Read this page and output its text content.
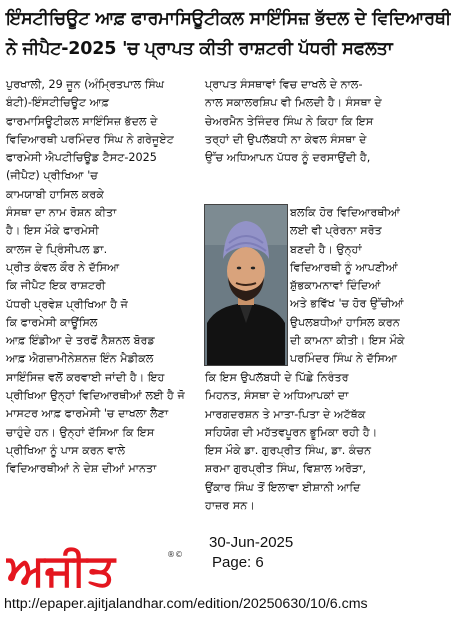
ਇੰਸਟੀਚਿਊਟ ਆਫ਼ ਫਾਰਮਾਸਿਊਟੀਕਲ ਸਾਇੰਸਿਜ਼ ਭੱਦਲ ਦੇ ਵਿਦਿਆਰਥੀ
ਨੇ ਜੀਪੈਟ-2025 'ਚ ਪ੍ਰਾਪਤ ਕੀਤੀ ਰਾਸ਼ਟਰੀ ਪੱਧਰੀ ਸਫਲਤਾ
ਪੁਰਖਾਲੀ, 29 ਜੂਨ (ਅੰਮ੍ਰਿਤਪਾਲ ਸਿੰਘ
ਬੰਟੀ)-ਇੰਸਟੀਚਿਊਟ ਆਫ਼
ਫਾਰਮਾਸਿਊਟੀਕਲ ਸਾਇੰਸਿਜ਼ ਭੱਦਲ ਦੇ
ਵਿਦਿਆਰਥੀ ਪਰਮਿੰਦਰ ਸਿੰਘ ਨੇ ਗਰੇਜੂਏਟ
ਫਾਰਮੇਸੀ ਐਪਟੀਚਿਊਡ ਟੈਸਟ-2025
(ਜੀਪੈਟ) ਪ੍ਰੀਖਿਆ 'ਚ
ਕਾਮਯਾਬੀ ਹਾਸਿਲ ਕਰਕੇ
ਸੰਸਥਾ ਦਾ ਨਾਮ ਰੋਸ਼ਨ ਕੀਤਾ
ਹੈ। ਇਸ ਮੌਕੇ ਫਾਰਮੇਸੀ
ਕਾਲਜ ਦੇ ਪ੍ਰਿੰਸੀਪਲ ਡਾ.
ਪ੍ਰੀਤ ਕੰਵਲ ਕੌਰ ਨੇ ਦੱਸਿਆ
ਕਿ ਜੀਪੈਟ ਇਕ ਰਾਸ਼ਟਰੀ
ਪੱਧਰੀ ਪ੍ਰਵੇਸ਼ ਪ੍ਰੀਖਿਆ ਹੈ ਜੋ
ਕਿ ਫਾਰਮੇਸੀ ਕਾਊਂਸਿਲ
ਆਫ਼ ਇੰਡੀਆ ਦੇ ਤਰਫੋਂ ਨੈਸ਼ਨਲ ਬੋਰਡ
ਆਫ਼ ਐਗਜ਼ਾਮੀਨੇਸ਼ਨਜ਼ ਇੰਨ ਮੈਡੀਕਲ
ਸਾਇੰਸਿਜ਼ ਵਲੋਂ ਕਰਵਾਈ ਜਾਂਦੀ ਹੈ। ਇਹ
ਪ੍ਰੀਖਿਆ ਉਨ੍ਹਾਂ ਵਿਦਿਆਰਥੀਆਂ ਲਈ ਹੈ ਜੋ
ਮਾਸਟਰ ਆਫ਼ ਫਾਰਮੇਸੀ 'ਚ ਦਾਖਲਾ ਲੈਣਾ
ਚਾਹੁੰਦੇ ਹਨ। ਉਨ੍ਹਾਂ ਦੱਸਿਆ ਕਿ ਇਸ
ਪ੍ਰੀਖਿਆ ਨੂੰ ਪਾਸ ਕਰਨ ਵਾਲੇ
ਵਿਦਿਆਰਥੀਆਂ ਨੇ ਦੇਸ਼ ਦੀਆਂ ਮਾਨਤਾ
ਪ੍ਰਾਪਤ ਸੰਸਥਾਵਾਂ ਵਿਚ ਦਾਖਲੇ ਦੇ ਨਾਲ-
ਨਾਲ ਸਕਾਲਰਸ਼ਿਪ ਵੀ ਮਿਲਦੀ ਹੈ। ਸੰਸਥਾ ਦੇ
ਚੇਅਰਮੈਨ ਤੇਜਿੰਦਰ ਸਿੰਘ ਨੇ ਕਿਹਾ ਕਿ ਇਸ
ਤਰ੍ਹਾਂ ਦੀ ਉਪਲੱਬਧੀ ਨਾ ਕੇਵਲ ਸੰਸਥਾ ਦੇ
ਉੱਚ ਅਧਿਆਪਨ ਪੱਧਰ ਨੂੰ ਦਰਸਾਉਂਦੀ ਹੈ,
ਬਲਕਿ ਹੋਰ ਵਿਦਿਆਰਥੀਆਂ
ਲਈ ਵੀ ਪ੍ਰੇਰਨਾ ਸਰੋਤ
ਬਣਦੀ ਹੈ। ਉਨ੍ਹਾਂ
ਵਿਦਿਆਰਥੀ ਨੂੰ ਆਪਣੀਆਂ
ਸ਼ੁੱਭਕਾਮਨਾਵਾਂ ਦਿੰਦਿਆਂ
ਅਤੇ ਭਵਿੱਖ 'ਚ ਹੋਰ ਉੱਚੀਆਂ
ਉਪਲਬਧੀਆਂ ਹਾਸਿਲ ਕਰਨ
ਦੀ ਕਾਮਨਾ ਕੀਤੀ। ਇਸ ਮੌਕੇ
ਪਰਮਿੰਦਰ ਸਿੰਘ ਨੇ ਦੱਸਿਆ
ਕਿ ਇਸ ਉਪਲੱਬਧੀ ਦੇ ਪਿੱਛੇ ਨਿਰੰਤਰ
ਮਿਹਨਤ, ਸੰਸਥਾ ਦੇ ਅਧਿਆਪਕਾਂ ਦਾ
ਮਾਰਗਦਰਸ਼ਨ ਤੇ ਮਾਤਾ-ਪਿਤਾ ਦੇ ਅਟੱਥੱਕ
ਸਹਿਯੋਗ ਦੀ ਮਹੱਤਵਪੂਰਨ ਭੂਮਿਕਾ ਰਹੀ ਹੈ।
ਇਸ ਮੌਕੇ ਡਾ. ਗੁਰਪ੍ਰੀਤ ਸਿੰਘ, ਡਾ. ਕੰਚਨ
ਸ਼ਰਮਾ ਗੁਰਪ੍ਰੀਤ ਸਿੰਘ, ਵਿਸ਼ਾਲ ਅਰੋੜਾ,
ਉਂਕਾਰ ਸਿੰਘ ਤੋਂ ਇਲਾਵਾ ਈਸ਼ਾਨੀ ਆਦਿ
ਹਾਜ਼ਰ ਸਨ।
30-Jun-2025
Page: 6
ਅਜੀਤ	®©
http://epaper.ajitjalandhar.com/edition/20250630/10/6.cms
